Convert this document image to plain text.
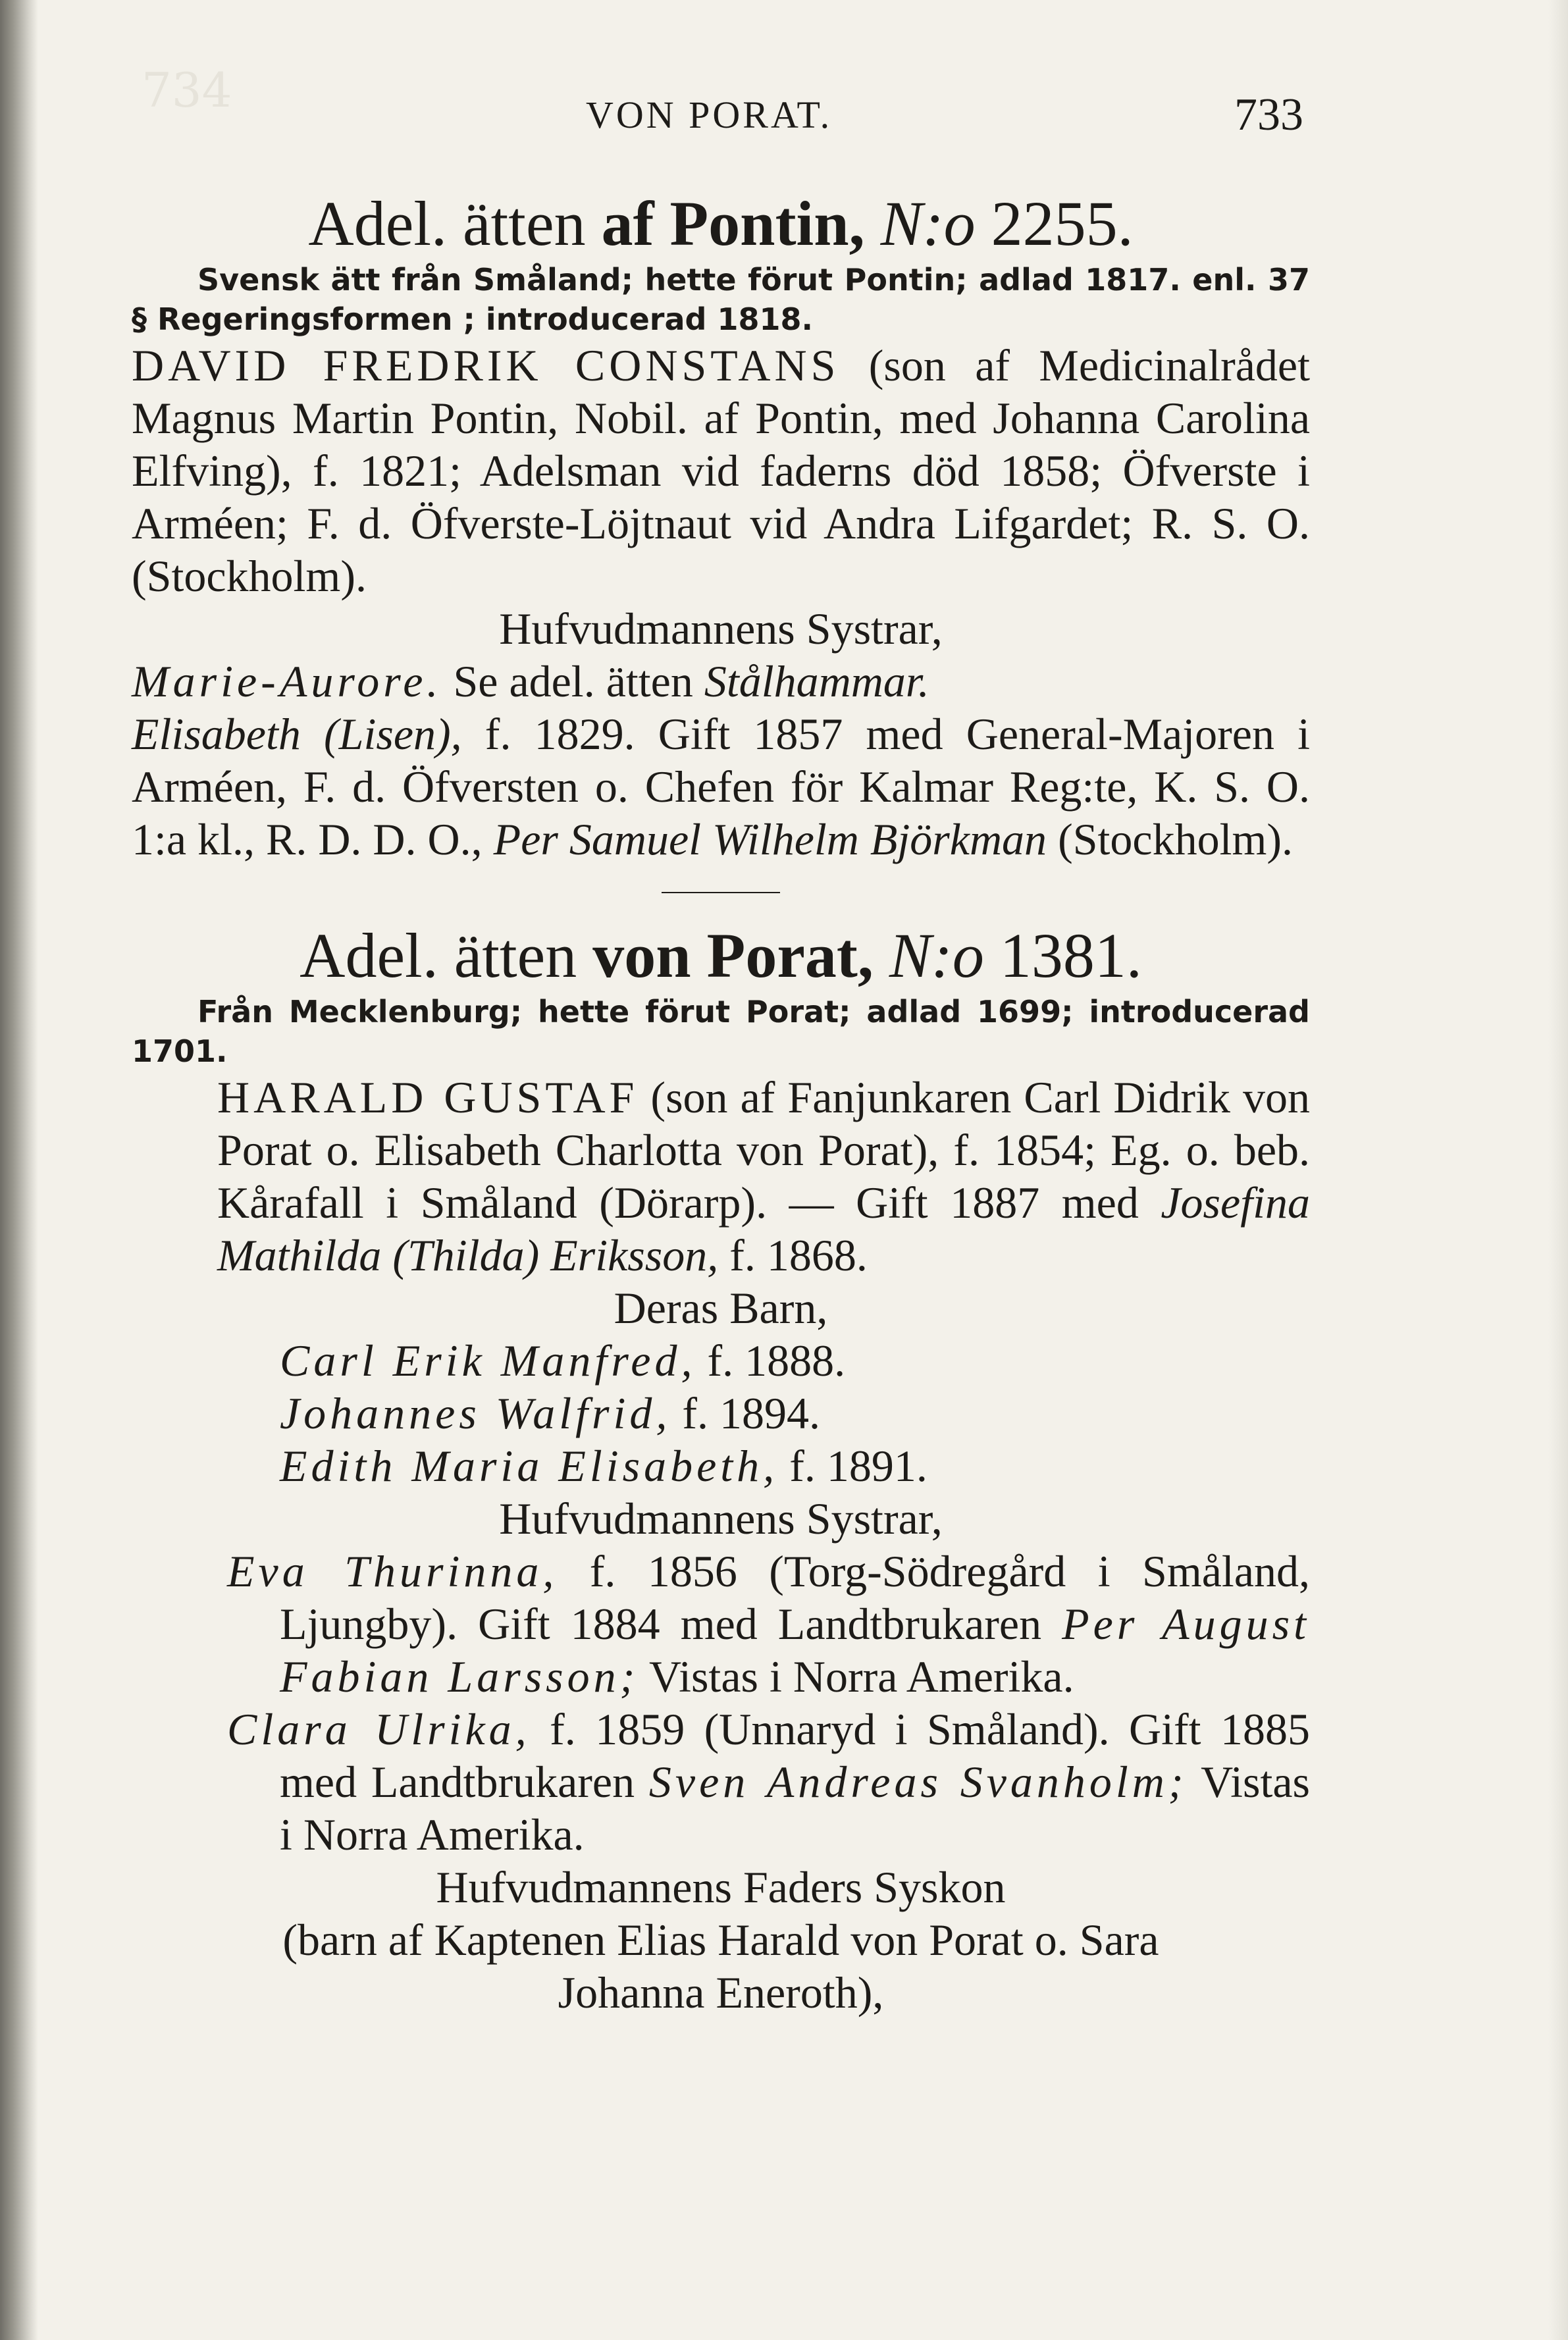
734	VON PORAT.	733
Adel. ätten af Pontin, N:o 2255.

Svensk ätt från Småland; hette förut Pontin; adlad 1817. enl. 37 § Regeringsformen ; introducerad 1818.

DAVID FREDRIK CONSTANS (son af Medicinalrådet Magnus Martin Pontin, Nobil. af Pontin, med Johanna Carolina Elfving), f. 1821; Adelsman vid faderns död 1858; Öfverste i Arméen; F. d. Öfverste-Löjtnaut vid Andra Lifgardet; R. S. O. (Stockholm).

Hufvudmannens Systrar,

Marie-Aurore. Se adel. ätten Stålhammar.

Elisabeth (Lisen), f. 1829. Gift 1857 med General-Majoren i Arméen, F. d. Öfversten o. Chefen för Kalmar Reg:te, K. S. O. 1:a kl., R. D. D. O., Per Samuel Wilhelm Björkman (Stockholm).

Adel. ätten von Porat, N:o 1381.

Från Mecklenburg; hette förut Porat; adlad 1699; introducerad 1701.

HARALD GUSTAF (son af Fanjunkaren Carl Didrik von Porat o. Elisabeth Charlotta von Porat), f. 1854; Eg. o. beb. Kårafall i Småland (Dörarp). — Gift 1887 med Josefina Mathilda (Thilda) Eriksson, f. 1868.

Deras Barn,
Carl Erik Manfred, f. 1888.
Johannes Walfrid, f. 1894.
Edith Maria Elisabeth, f. 1891.
Hufvudmannens Systrar,

Eva Thurinna, f. 1856 (Torg-Södregård i Småland, Ljungby). Gift 1884 med Landtbrukaren Per August Fabian Larsson; Vistas i Norra Amerika.

Clara Ulrika, f. 1859 (Unnaryd i Småland). Gift 1885 med Landtbrukaren Sven Andreas Svanholm; Vistas i Norra Amerika.

Hufvudmannens Faders Syskon
(barn af Kaptenen Elias Harald von Porat o. Sara Johanna Eneroth),
